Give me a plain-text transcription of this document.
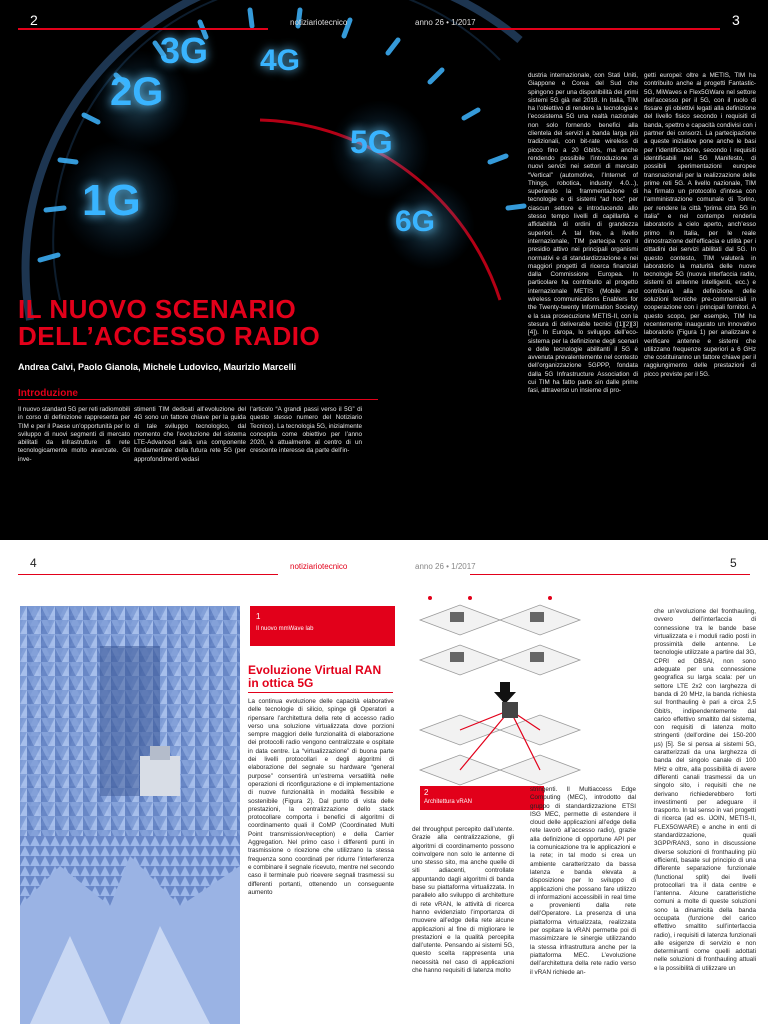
1G
2G
3G 4G
5G
6G
2	notiziariotecnico	anno 26 • 1/2017	3
IL NUOVO SCENARIO
DELL’ACCESSO RADIO
Andrea Calvi, Paolo Gianola, Michele Ludovico, Maurizio Marcelli
Introduzione
Il nuovo standard 5G per reti radiomobili in corso di definizione rappresenta per TIM e per il Paese un’opportunità per lo sviluppo di nuovi segmenti di mercato abilitati da infrastrutture di rete tecnologicamente molto avanzate. Gli inve-
stimenti TIM dedicati all’evoluzione del 4G sono un fattore chiave per la guida di tale sviluppo tecnologico, dal momento che l’evoluzione del sistema LTE-Advanced sarà una componente fondamentale della futura rete 5G (per approfondimenti vedasi
l’articolo “A grandi passi verso il 5G” di questo stesso numero del Notiziario Tecnico). La tecnologia 5G, inizialmente concepita come obiettivo per l’anno 2020, è attualmente al centro di un crescente interesse da parte dell’in-
dustria internazionale, con Stati Uniti, Giappone e Corea del Sud che spingono per una disponibilità dei primi sistemi 5G già nel 2018. In Italia, TIM ha l’obiettivo di rendere la tecnologia e l’ecosistema 5G una realtà nazionale non solo fornendo benefici alla clientela dei servizi a banda larga più tradizionali, con bit-rate wireless di picco fino a 20 Gbit/s, ma anche rendendo possibile l’introduzione di nuovi servizi nei settori di mercato “Vertical” (automotive, l’Internet of Things, robotica, industry 4.0...), superando la frammentazione di tecnologie e di sistemi “ad hoc” per ciascun settore e introducendo allo stesso tempo livelli di capillarità e affidabilità di ordini di grandezza superiori. A tal fine, a livello internazionale, TIM partecipa con il presidio attivo nei principali organismi normativi e di standardizzazione e nei maggiori progetti di ricerca finanziati dalla Commissione Europea. In particolare ha contribuito al progetto internazionale METIS (Mobile and wireless communications Enablers for the Twenty-twenty Information Society) e la sua prosecuzione METIS-II, con la stesura di deliverable tecnici ([1][2][3][4]). In Europa, lo sviluppo dell’eco-sistema per la definizione degli scenari e delle tecnologie abilitanti il 5G è avvenuta prevalentemente nel contesto dell’organizzazione 5GPPP, fondata dalla 5G Infrastructure Association di cui TIM ha fatto parte sin dalle prime fasi, attraverso un insieme di pro-
getti europei: oltre a METIS, TIM ha contribuito anche ai progetti Fantastic-5G, MiWaves e Flex5GWare nel settore dell’accesso per il 5G, con il ruolo di fissare gli obiettivi legati alla definizione del livello fisico secondo i requisiti di banda, spettro e capacità condivisi con i partner dei consorzi. La partecipazione a queste iniziative pone anche le basi per l’identificazione, secondo i requisiti identificabili nel 5G Manifesto, di possibili sperimentazioni europee transnazionali per la realizzazione delle prime reti 5G. A livello nazionale, TIM ha firmato un protocollo d’intesa con l’amministrazione comunale di Torino, per rendere la città “prima città 5G in Italia” e nel contempo renderla laboratorio a cielo aperto, anch’esso primo in Italia, per le reale dimostrazione dell’efficacia e utilità per i cittadini dei servizi abilitati dal 5G. In questo contesto, TIM valuterà in laboratorio la maturità delle nuove tecnologie 5G (nuova interfaccia radio, sistemi di antenne intelligenti, ecc.) e contribuirà alla definizione delle soluzioni tecniche pre-commerciali in cooperazione con i principali fornitori. A questo scopo, per esempio, TIM ha recentemente inaugurato un innovativo laboratorio (Figura 1) per analizzare e verificare antenne e sistemi che utilizzano frequenze superiori a 6 GHz che costituiranno un fattore chiave per il raggiungimento delle prestazioni di picco previste per il 5G.
4	notiziariotecnico	anno 26 • 1/2017	5
1
Il nuovo mmWave lab
Evoluzione Virtual RAN in ottica 5G
2
Architettura vRAN
La continua evoluzione delle capacità elaborative delle tecnologie di silicio, spinge gli Operatori a ripensare l’architettura della rete di accesso radio verso una soluzione virtualizzata dove porzioni sempre maggiori delle funzionalità di elaborazione dei protocolli radio vengono centralizzate e ospitate in data centre. La “virtualizzazione” di buona parte dei livelli protocollari e degli algoritmi di elaborazione del segnale su hardware “general purpose” consentirà un’estrema versatilità nelle operazioni di riconfigurazione e di implementazione di nuove funzionalità in modalità flessibile e sostenibile (Figura 2). Dal punto di vista delle prestazioni, la centralizzazione dello stack protocollare comporta i benefici di algoritmi di coordinamento quali il CoMP (Coordinated Multi Point transmission/reception) e della Carrier Aggregation. Nel primo caso i differenti punti in trasmissione o ricezione che utilizzano la stessa frequenza sono coordinati per ridurre l’interferenza e combinare il segnale ricevuto, mentre nel secondo caso il terminale può ricevere segnali trasmessi su differenti portanti, ottenendo un conseguente aumento
del throughput percepito dall’utente. Grazie alla centralizzazione, gli algoritmi di coordinamento possono coinvolgere non solo le antenne di uno stesso sito, ma anche quelle di siti adiacenti, controllate appuntando dagli algoritmi di banda base su piattaforma virtualizzata. In parallelo allo sviluppo di architetture di rete vRAN, le attività di ricerca hanno evidenziato l’importanza di muovere all’edge della rete alcune applicazioni al fine di migliorare le prestazioni e la qualità percepita dall’utente. Pensando ai sistemi 5G, questo scelta rappresenta una necessità nel caso di applicazioni che hanno requisiti di latenza molto
stringenti. Il Multiaccess Edge Computing (MEC), introdotto dal gruppo di standardizzazione ETSI ISG MEC, permette di estendere il cloud delle applicazioni all’edge della rete lavorò all’accesso radio), grazie alla definizione di opportune API per la comunicazione tra le applicazioni e la rete; in tal modo si crea un ambiente caratterizzato da bassa latenza e banda elevata a disposizione per lo sviluppo di applicazioni che possano fare utilizzo di informazioni accessibili in real time e provenienti dalla rete dell’Operatore. La presenza di una piattaforma virtualizzata, realizzata per ospitare la vRAN permette poi di massimizzare le sinergie utilizzando la stessa infrastruttura anche per la piattaforma MEC. L’evoluzione dell’architettura della rete radio verso il vRAN richiede an-
che un’evoluzione del fronthauling, ovvero dell’interfaccia di connessione tra le bande base virtualizzata e i moduli radio posti in prossimità delle antenne. Le tecnologie utilizzate a partire dal 3G, CPRI ed OBSAI, non sono adeguate per una connessione geografica su larga scala: per un settore LTE 2x2 con larghezza di banda di 20 MHz, la banda richiesta sul fronthauling è pari a circa 2,5 Gbit/s, indipendentemente dal carico effettivo smaltito dal sistema, con requisiti di latenza molto stringenti (dell’ordine dei 150-200 µs) [5]. Se si pensa ai sistemi 5G, caratterizzati da una larghezza di banda del singolo canale di 100 MHz e oltre, alla possibilità di avere differenti canali trasmessi da un singolo sito, i requisiti che ne derivano richiederebbero forti investimenti per adeguare il trasporto. In tal senso in vari progetti di ricerca (ad es. iJOIN, METIS-II, FLEX5GWARE) e anche in enti di standardizzazione, quali 3GPP/RAN3, sono in discussione diverse soluzioni di fronthauling più efficienti, basate sul principio di una differente separazione funzionale (functional split) dei livelli protocollari tra il data centre e l’antenna. Alcune caratteristiche comuni a molte di queste soluzioni sono la dinamicità della banda occupata (funzione del carico effettivo smaltito sull’interfaccia radio), i requisiti di latenza funzionali alle esigenze di servizio e non determinanti come quelli adottati nelle soluzioni di fronthauling attuali e la possibilità di utilizzare un
